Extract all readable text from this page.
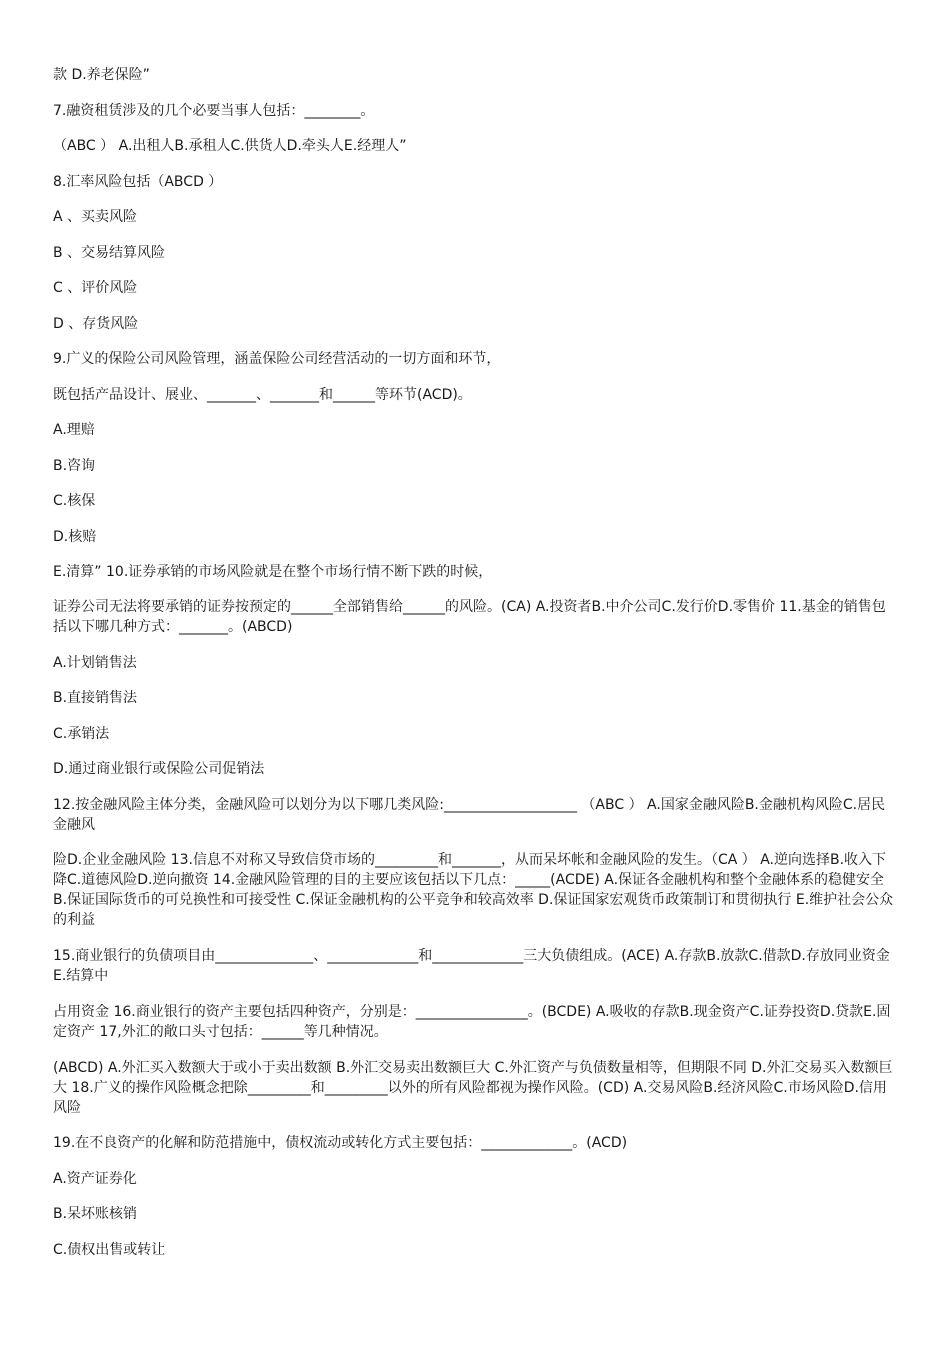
款 D.养老保险”
7.融资租赁涉及的几个必要当事人包括：________。
（ABC ） A.出租人B.承租人C.供货人D.牵头人E.经理人”
8.汇率风险包括（ABCD ）
A 、买卖风险
B 、交易结算风险
C 、评价风险
D 、存货风险
9.广义的保险公司风险管理，涵盖保险公司经营活动的一切方面和环节，
既包括产品设计、展业、_______、_______和______等环节(ACD)。
A.理赔
B.咨询
C.核保
D.核赔
E.清算” 10.证券承销的市场风险就是在整个市场行情不断下跌的时候，
证券公司无法将要承销的证券按预定的______全部销售给______的风险。(CA) A.投资者B.中介公司C.发行价D.零售价 11.基金的销售包括以下哪几种方式：_______。(ABCD)
A.计划销售法
B.直接销售法
C.承销法
D.通过商业银行或保险公司促销法
12.按金融风险主体分类，金融风险可以划分为以下哪几类风险:___________________ （ABC ） A.国家金融风险B.金融机构风险C.居民金融风
险D.企业金融风险 13.信息不对称又导致信贷市场的_________和_______，从而呆坏帐和金融风险的发生。（CA ） A.逆向选择B.收入下降C.道德风险D.逆向撤资 14.金融风险管理的目的主要应该包括以下几点：_____(ACDE) A.保证各金融机构和整个金融体系的稳健安全 B.保证国际货币的可兑换性和可接受性 C.保证金融机构的公平竞争和较高效率 D.保证国家宏观货币政策制订和贯彻执行 E.维护社会公众的利益
15.商业银行的负债项目由______________、_____________和_____________三大负债组成。(ACE) A.存款B.放款C.借款D.存放同业资金E.结算中
占用资金 16.商业银行的资产主要包括四种资产，分别是：________________。(BCDE) A.吸收的存款B.现金资产C.证券投资D.贷款E.固定资产 17,外汇的敞口头寸包括：______等几种情况。
(ABCD) A.外汇买入数额大于或小于卖出数额 B.外汇交易卖出数额巨大 C.外汇资产与负债数量相等，但期限不同 D.外汇交易买入数额巨大 18.广义的操作风险概念把除_________和_________以外的所有风险都视为操作风险。(CD) A.交易风险B.经济风险C.市场风险D.信用风险
19.在不良资产的化解和防范措施中，债权流动或转化方式主要包括：_____________。(ACD)
A.资产证券化
B.呆坏账核销
C.债权出售或转让
